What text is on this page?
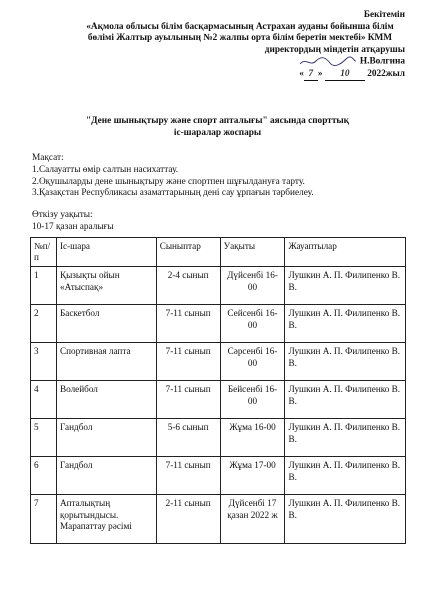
Бекітемін
«Ақмола облысы білім басқармасының Астрахан ауданы бойынша білім
бөлімі Жалтыр ауылының №2 жалпы орта білім беретін мектебі» КММ
директордың міндетін атқарушы
Н.Волгина
« 7 » 10 2022жыл
"Дене шынықтыру және спорт апталығы" аясында спорттық
іс-шаралар жоспары
Мақсат:
1.Салауатты өмір салтын насихаттау.
2.Оқушыларды дене шынықтыру және спортпен шұғылдануға тарту.
3.Қазақстан Республикасы азаматтарының дені сау ұрпағын тәрбиелеу.
Өткізу уақыты:
10-17 қазан аралығы
№п/п	Іс-шара	Сыныптар	Уақыты	Жауаптылар
1	Қызықты ойын «Атыспақ»	2-4 сынып	Дүйсенбі 16-00	Лушкин А. П. Филипенко В. В.
2	Баскетбол	7-11 сынып	Сейсенбі 16-00	Лушкин А. П. Филипенко В. В.
3	Спортивная лапта	7-11 сынып	Сәрсенбі 16-00	Лушкин А. П. Филипенко В. В.
4	Волейбол	7-11 сынып	Бейсенбі 16-00	Лушкин А. П. Филипенко В. В.
5	Гандбол	5-6 сынып	Жұма 16-00	Лушкин А. П. Филипенко В. В.
6	Гандбол	7-11 сынып	Жұма 17-00	Лушкин А. П. Филипенко В. В.
7	Апталықтың қорытындысы. Марапаттау рәсімі	2-11 сынып	Дүйсенбі 17 қазан 2022 ж	Лушкин А. П. Филипенко В. В.
